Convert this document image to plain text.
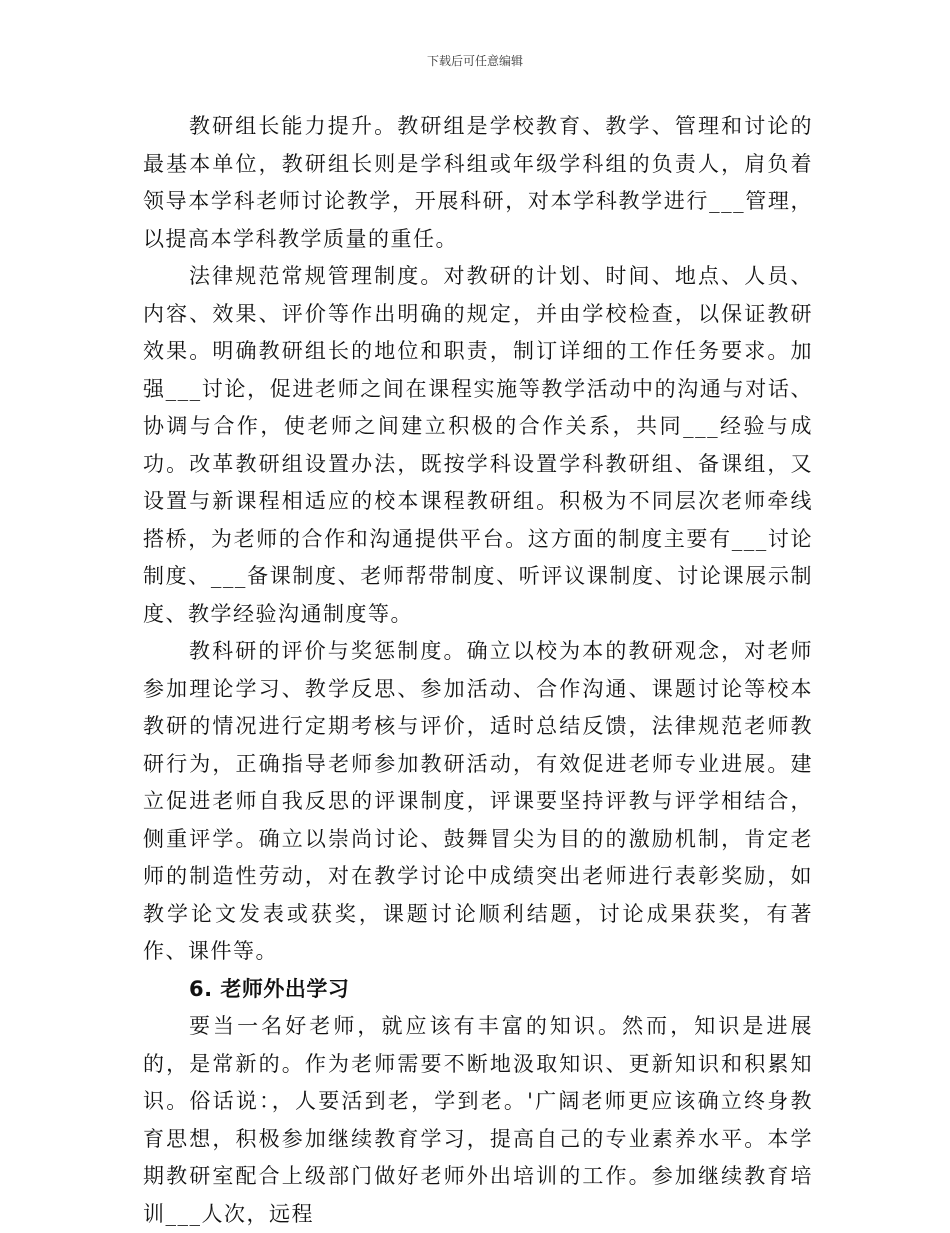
下载后可任意编辑

教研组长能力提升。教研组是学校教育、教学、管理和讨论的最基本单位，教研组长则是学科组或年级学科组的负责人，肩负着领导本学科老师讨论教学，开展科研，对本学科教学进行___管理，以提高本学科教学质量的重任。

法律规范常规管理制度。对教研的计划、时间、地点、人员、内容、效果、评价等作出明确的规定，并由学校检查，以保证教研效果。明确教研组长的地位和职责，制订详细的工作任务要求。加强___讨论，促进老师之间在课程实施等教学活动中的沟通与对话、协调与合作，使老师之间建立积极的合作关系，共同___经验与成功。改革教研组设置办法，既按学科设置学科教研组、备课组，又设置与新课程相适应的校本课程教研组。积极为不同层次老师牵线搭桥，为老师的合作和沟通提供平台。这方面的制度主要有___讨论制度、___备课制度、老师帮带制度、听评议课制度、讨论课展示制度、教学经验沟通制度等。

教科研的评价与奖惩制度。确立以校为本的教研观念，对老师参加理论学习、教学反思、参加活动、合作沟通、课题讨论等校本教研的情况进行定期考核与评价，适时总结反馈，法律规范老师教研行为，正确指导老师参加教研活动，有效促进老师专业进展。建立促进老师自我反思的评课制度，评课要坚持评教与评学相结合，侧重评学。确立以崇尚讨论、鼓舞冒尖为目的的激励机制，肯定老师的制造性劳动，对在教学讨论中成绩突出老师进行表彰奖励，如教学论文发表或获奖，课题讨论顺利结题，讨论成果获奖，有著作、课件等。

6. 老师外出学习

要当一名好老师，就应该有丰富的知识。然而，知识是进展的，是常新的。作为老师需要不断地汲取知识、更新知识和积累知识。俗话说：，人要活到老，学到老。'广阔老师更应该确立终身教育思想，积极参加继续教育学习，提高自己的专业素养水平。本学期教研室配合上级部门做好老师外出培训的工作。参加继续教育培训___人次，远程
